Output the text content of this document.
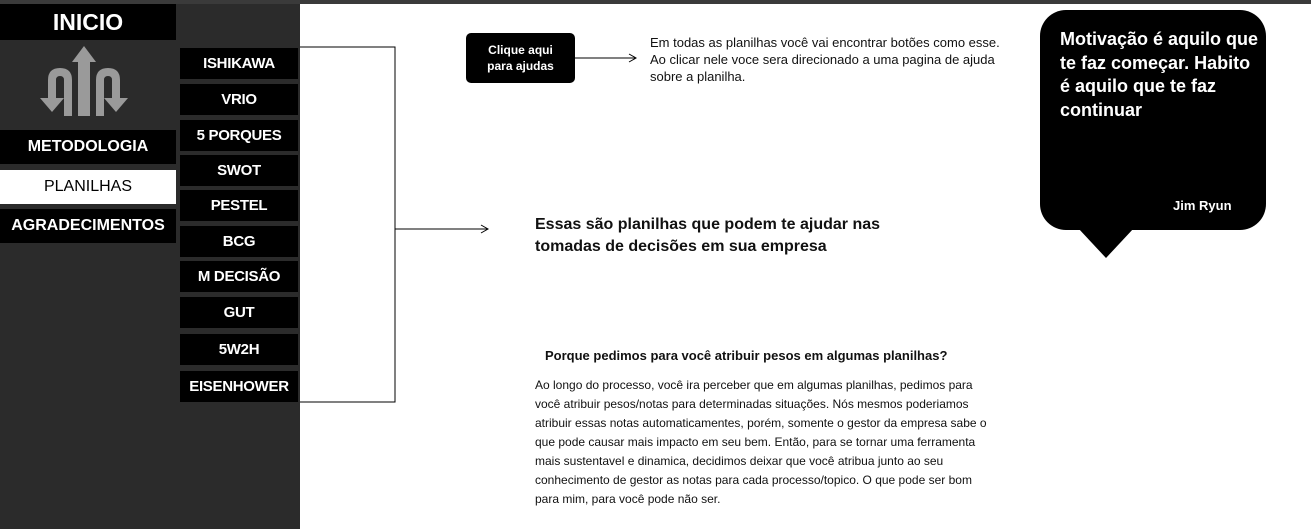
INICIO
METODOLOGIA
PLANILHAS
AGRADECIMENTOS
ISHIKAWA
VRIO
5 PORQUES
SWOT
PESTEL
BCG
M DECISÃO
GUT
5W2H
EISENHOWER
Clique aqui para ajudas
Em todas as planilhas você vai encontrar botões como esse. Ao clicar nele voce sera direcionado a uma pagina de ajuda sobre a planilha.
Essas são planilhas que podem te ajudar nas tomadas de decisões em sua empresa
Porque pedimos para você atribuir pesos em algumas planilhas?
Ao longo do processo, você ira perceber que em algumas planilhas, pedimos para você atribuir pesos/notas para determinadas situações. Nós mesmos poderiamos atribuir essas notas automaticamentes, porém, somente o gestor da empresa sabe o que pode causar mais impacto em seu bem. Então, para se tornar uma ferramenta mais sustentavel e dinamica, decidimos deixar que você atribua junto ao seu conhecimento de gestor as notas para cada processo/topico. O que pode ser bom para mim, para você pode não ser.
Motivação é aquilo que te faz começar. Habito é aquilo que te faz continuar
Jim Ryun
